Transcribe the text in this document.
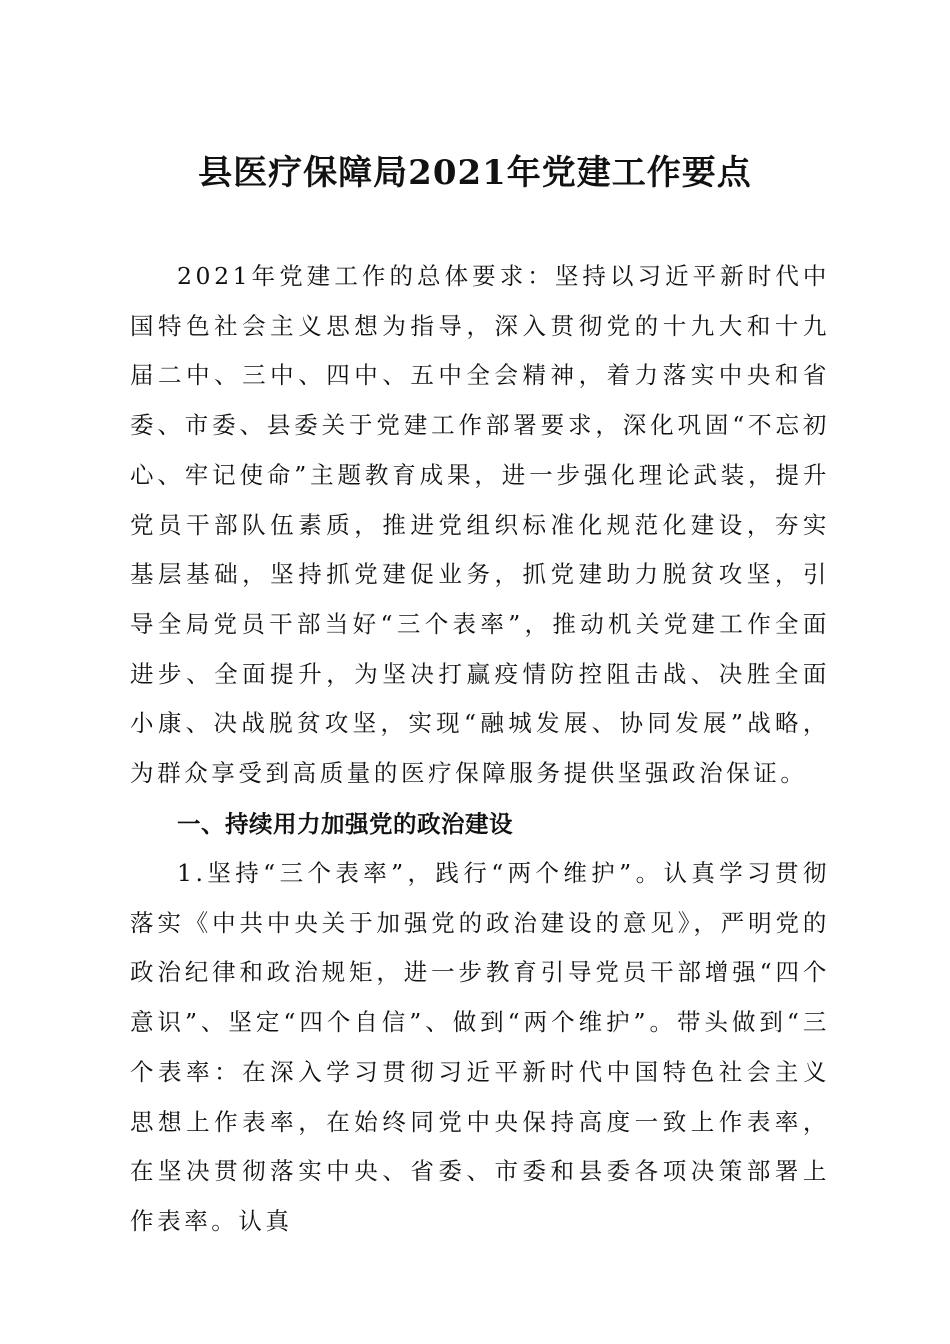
县医疗保障局2021年党建工作要点

2021年党建工作的总体要求：坚持以习近平新时代中国特色社会主义思想为指导，深入贯彻党的十九大和十九届二中、三中、四中、五中全会精神，着力落实中央和省委、市委、县委关于党建工作部署要求，深化巩固“不忘初心、牢记使命”主题教育成果，进一步强化理论武装，提升党员干部队伍素质，推进党组织标准化规范化建设，夯实基层基础，坚持抓党建促业务，抓党建助力脱贫攻坚，引导全局党员干部当好“三个表率”，推动机关党建工作全面进步、全面提升，为坚决打赢疫情防控阻击战、决胜全面小康、决战脱贫攻坚，实现“融城发展、协同发展”战略，为群众享受到高质量的医疗保障服务提供坚强政治保证。

一、持续用力加强党的政治建设

1.坚持“三个表率”，践行“两个维护”。认真学习贯彻落实《中共中央关于加强党的政治建设的意见》，严明党的政治纪律和政治规矩，进一步教育引导党员干部增强“四个意识”、坚定“四个自信”、做到“两个维护”。带头做到“三个表率：在深入学习贯彻习近平新时代中国特色社会主义思想上作表率，在始终同党中央保持高度一致上作表率，在坚决贯彻落实中央、省委、市委和县委各项决策部署上作表率。认真
